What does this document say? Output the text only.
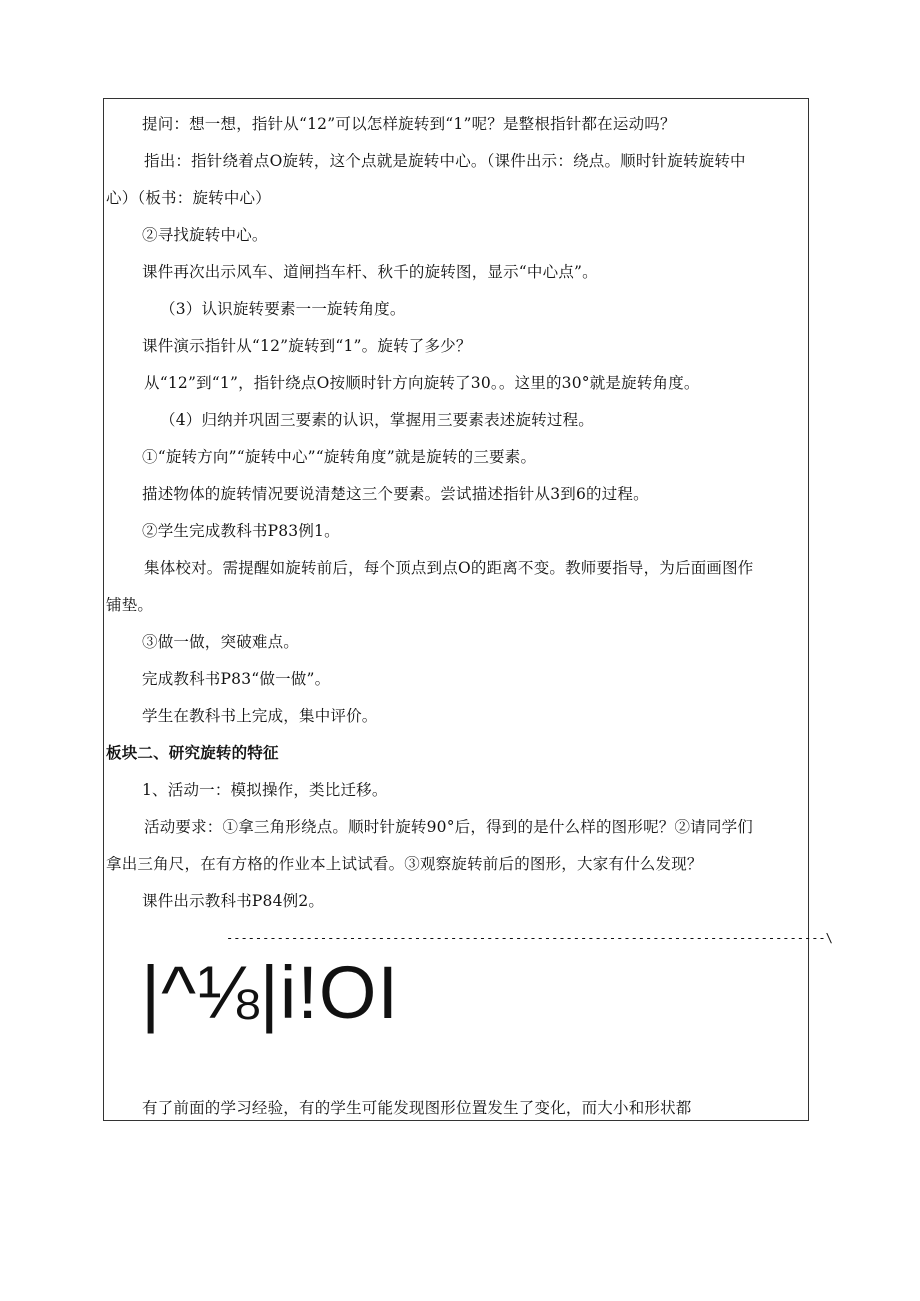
提问：想一想，指针从“12”可以怎样旋转到“1”呢？是整根指针都在运动吗？
指出：指针绕着点O旋转，这个点就是旋转中心。（课件出示：绕点。顺时针旋转旋转中
心）（板书：旋转中心）
②寻找旋转中心。
课件再次出示风车、道闸挡车杆、秋千的旋转图，显示“中心点”。
（3）认识旋转要素一一旋转角度。
课件演示指针从“12”旋转到“1”。旋转了多少？
从“12”到“1”，指针绕点O按顺时针方向旋转了30。。这里的30°就是旋转角度。
（4）归纳并巩固三要素的认识，掌握用三要素表述旋转过程。
①“旋转方向”“旋转中心”“旋转角度”就是旋转的三要素。
描述物体的旋转情况要说清楚这三个要素。尝试描述指针从3到6的过程。
②学生完成教科书P83例1。
集体校对。需提醒如旋转前后，每个顶点到点O的距离不变。教师要指导，为后面画图作
铺垫。
③做一做，突破难点。
完成教科书P83“做一做”。
学生在教科书上完成，集中评价。
板块二、研究旋转的特征
1、活动一：模拟操作，类比迁移。
活动要求：①拿三角形绕点。顺时针旋转90°后，得到的是什么样的图形呢？②请同学们
拿出三角尺，在有方格的作业本上试试看。③观察旋转前后的图形，大家有什么发现？
课件出示教科书P84例2。
-----------------------------------------------------------------------------------\
|^⅛|i!OI
有了前面的学习经验，有的学生可能发现图形位置发生了变化，而大小和形状都
